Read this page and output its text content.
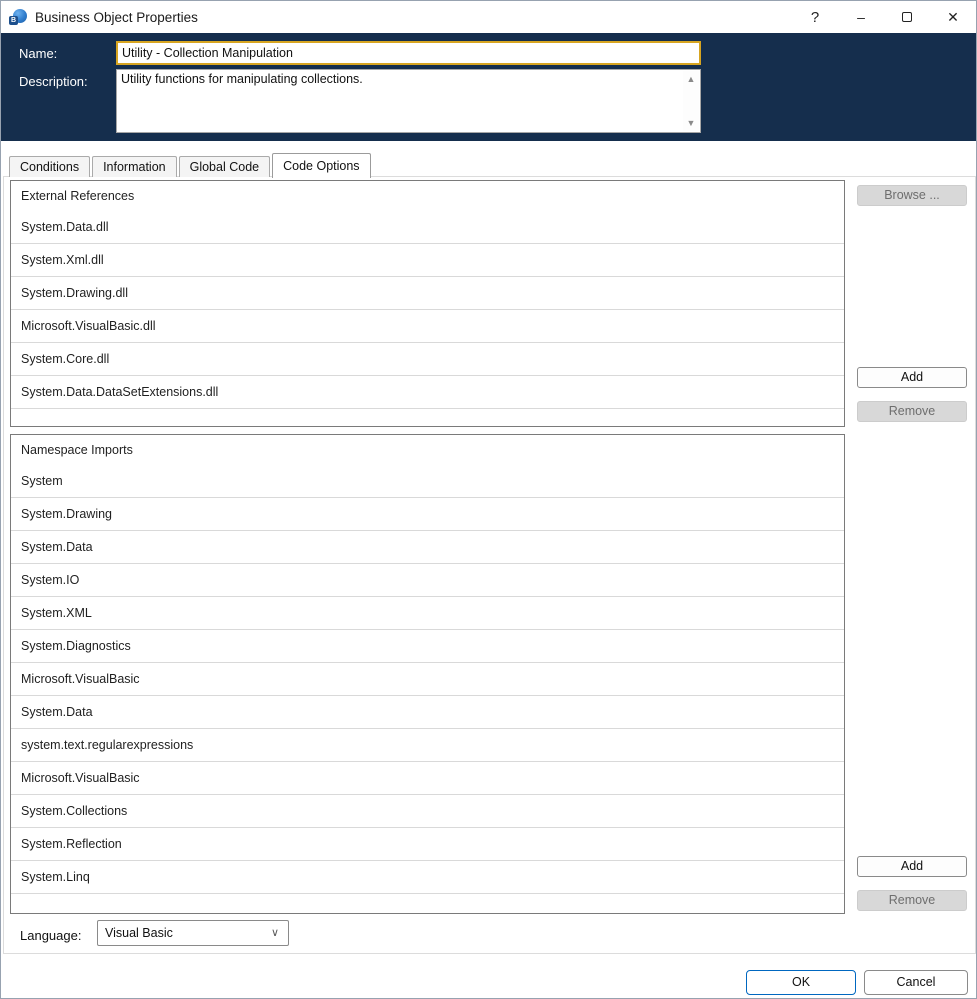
B Business Object Properties	?	–	✕
Name:
Utility - Collection Manipulation
Description:	Utility functions for manipulating collections.	▲
▼
Conditions	Information	Global Code	Code Options
External References
System.Data.dll
System.Xml.dll
System.Drawing.dll
Microsoft.VisualBasic.dll
System.Core.dll
System.Data.DataSetExtensions.dll
Browse ...
Add
Remove
Namespace Imports
System
System.Drawing
System.Data
System.IO
System.XML
System.Diagnostics
Microsoft.VisualBasic
System.Data
system.text.regularexpressions
Microsoft.VisualBasic
System.Collections
System.Reflection
System.Linq
Add
Remove
Language:	Visual Basic	∨
OK	Cancel
